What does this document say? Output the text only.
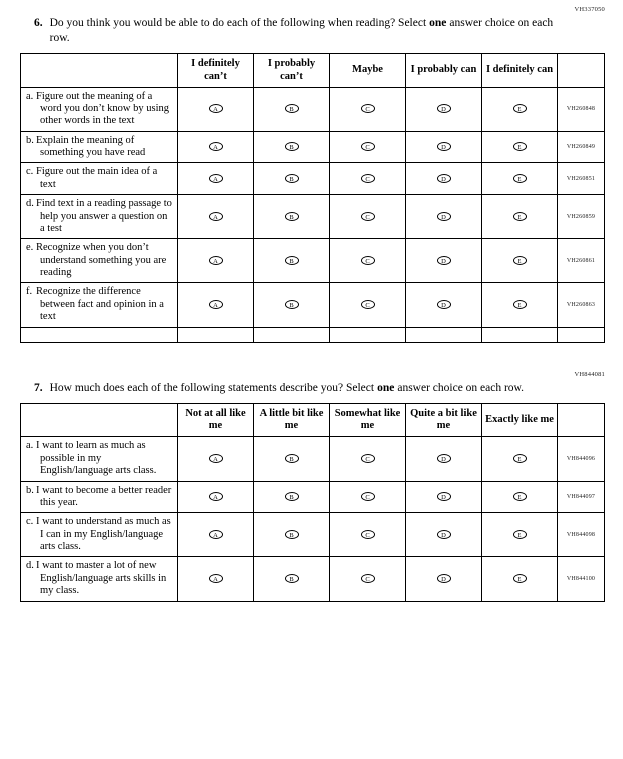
VH337050
6. Do you think you would be able to do each of the following when reading? Select one answer choice on each row.
	I definitely can’t	I probably can’t	Maybe	I probably can	I definitely can	
a. Figure out the meaning of a word you don’t know by using other words in the text	A	B	C	D	E	VH260848
b. Explain the meaning of something you have read	A	B	C	D	E	VH260849
c. Figure out the main idea of a text	A	B	C	D	E	VH260851
d. Find text in a reading passage to help you answer a question on a test	A	B	C	D	E	VH260859
e. Recognize when you don’t understand something you are reading	A	B	C	D	E	VH260861
f. Recognize the difference between fact and opinion in a text	A	B	C	D	E	VH260863

VH844081
7. How much does each of the following statements describe you? Select one answer choice on each row.
	Not at all like me	A little bit like me	Somewhat like me	Quite a bit like me	Exactly like me	
a. I want to learn as much as possible in my English/language arts class.	A	B	C	D	E	VH844096
b. I want to become a better reader this year.	A	B	C	D	E	VH844097
c. I want to understand as much as I can in my English/language arts class.	A	B	C	D	E	VH844098
d. I want to master a lot of new English/language arts skills in my class.	A	B	C	D	E	VH844100
